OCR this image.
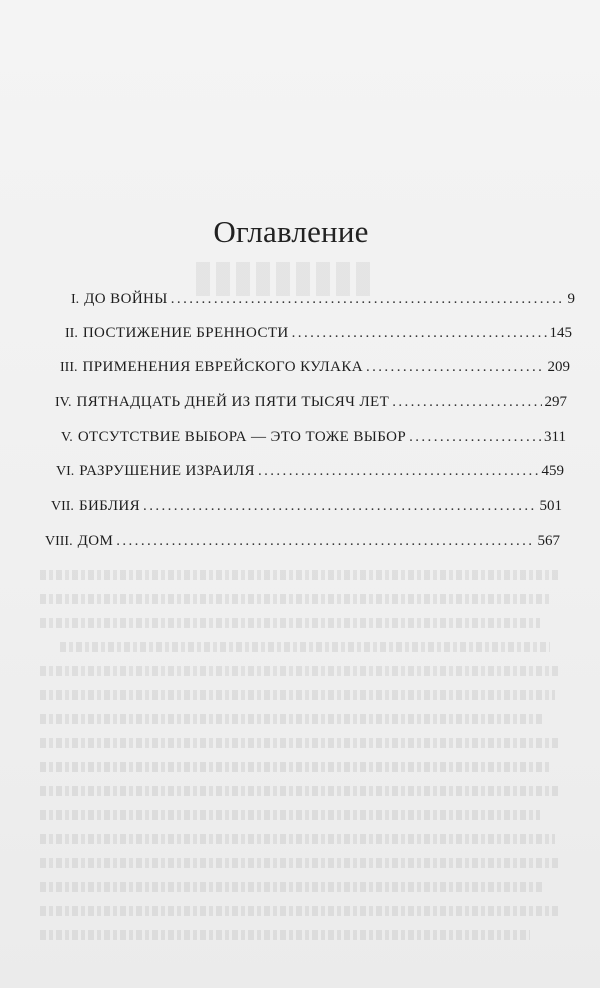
Оглавление
I. ДО ВОЙНЫ .....	9
II. ПОСТИЖЕНИЕ БРЕННОСТИ .....	145
III. ПРИМЕНЕНИЯ ЕВРЕЙСКОГО КУЛАКА .....	209
IV. ПЯТНАДЦАТЬ ДНЕЙ ИЗ ПЯТИ ТЫСЯЧ ЛЕТ .....	297
V. ОТСУТСТВИЕ ВЫБОРА — ЭТО ТОЖЕ ВЫБОР .....	311
VI. РАЗРУШЕНИЕ ИЗРАИЛЯ .....	459
VII. БИБЛИЯ .....	501
VIII. ДОМ .....	567
